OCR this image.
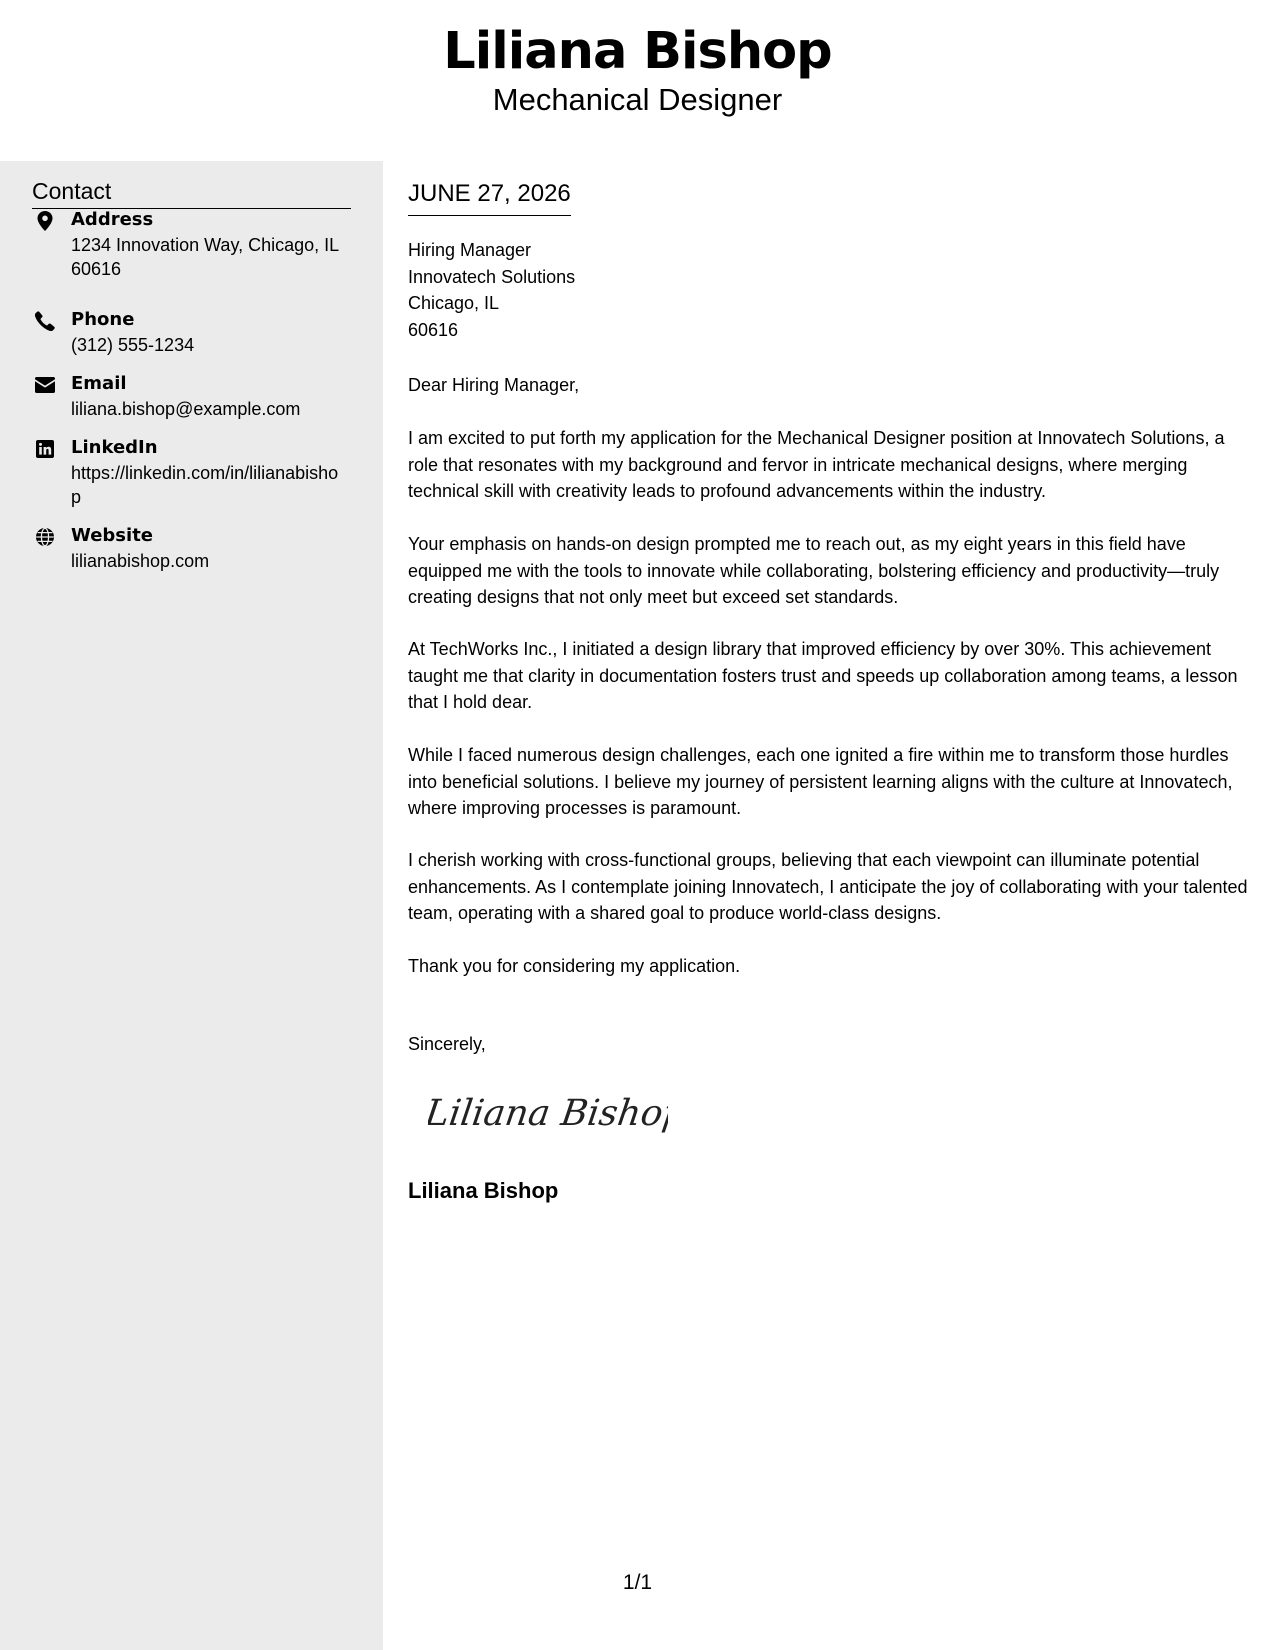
Liliana Bishop
Mechanical Designer
Contact
Address
1234 Innovation Way, Chicago, IL 60616
Phone
(312) 555-1234
Email
liliana.bishop@example.com
LinkedIn
https://linkedin.com/in/lilianabishop
Website
lilianabishop.com
JUNE 27, 2026
Hiring Manager
Innovatech Solutions
Chicago, IL
60616
Dear Hiring Manager,
I am excited to put forth my application for the Mechanical Designer position at Innovatech Solutions, a role that resonates with my background and fervor in intricate mechanical designs, where merging technical skill with creativity leads to profound advancements within the industry.
Your emphasis on hands-on design prompted me to reach out, as my eight years in this field have equipped me with the tools to innovate while collaborating, bolstering efficiency and productivity—truly creating designs that not only meet but exceed set standards.
At TechWorks Inc., I initiated a design library that improved efficiency by over 30%. This achievement taught me that clarity in documentation fosters trust and speeds up collaboration among teams, a lesson that I hold dear.
While I faced numerous design challenges, each one ignited a fire within me to transform those hurdles into beneficial solutions. I believe my journey of persistent learning aligns with the culture at Innovatech, where improving processes is paramount.
I cherish working with cross-functional groups, believing that each viewpoint can illuminate potential enhancements. As I contemplate joining Innovatech, I anticipate the joy of collaborating with your talented team, operating with a shared goal to produce world-class designs.
Thank you for considering my application.
Sincerely,
Liliana Bishop
Liliana Bishop
1/1
